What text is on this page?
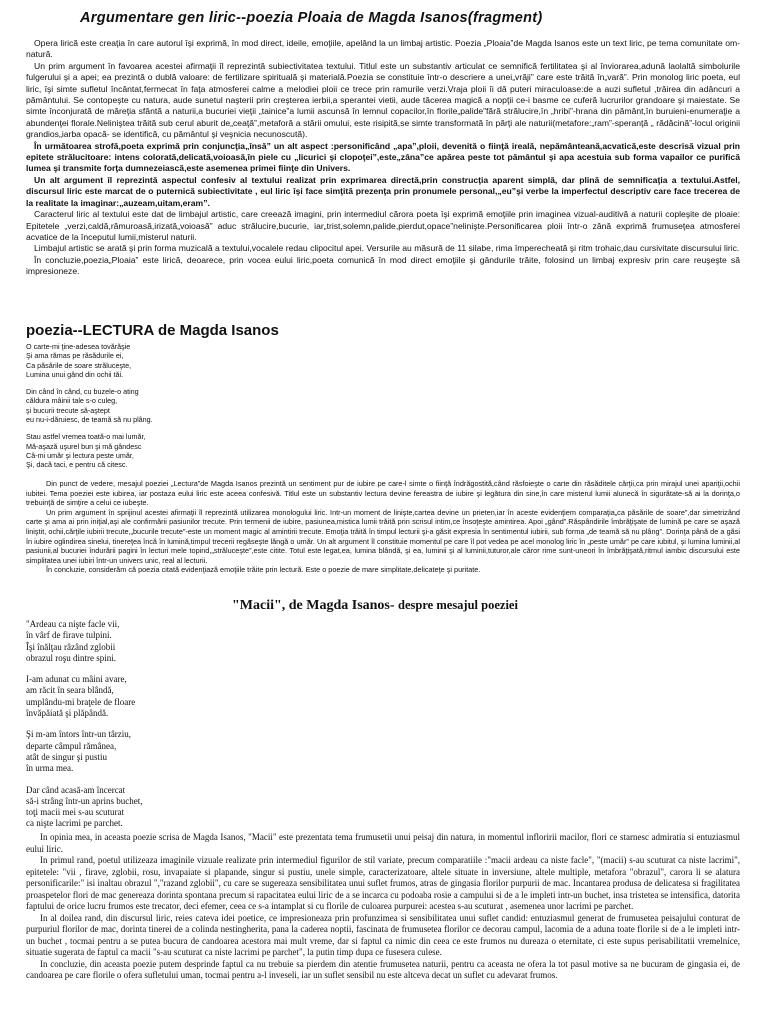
Argumentare gen liric--poezia Ploaia de Magda Isanos(fragment)

Opera lirică este creaţia în care autorul îşi exprimă, în mod direct, ideile, emoţiile, apelând la un limbaj artistic. Poezia „Ploaia”de Magda Isanos este un text liric, pe tema comunitate om-natură.

Un prim argument în favoarea acestei afirmaţii îl reprezintă subiectivitatea textului. Titlul este un substantiv articulat ce semnifică fertilitatea şi al înviorarea,adună laolaltă simbolurile fulgerului şi a apei; ea prezintă o dublă valoare: de fertilizare spirituală şi materială.Poezia se constituie într-o descriere a unei„vrăji” care este trăită în„vară”. Prin monolog liric poeta, eul liric, îşi simte sufletul încântat,fermecat în faţa atmosferei calme a melodiei ploii ce trece prin ramurile verzi.Vraja ploii îi dă puteri miraculoase:de a auzi sufletul ,trăirea din adâncuri a pământului. Se contopeşte cu natura, aude sunetul naşterii prin creşterea ierbii,a sperantei vietii, aude tăcerea magică a nopţii ce-i basme ce cuferă lucrurilor grandoare şi maiestate. Se simte înconjurată de măreţia sfântă a naturii,a bucuriei vieţii „tainice”a lumii ascunsă în lemnul copacilor,în florile„palide”fără strălucire,în „hribi”-hrana din pământ,în buruieni-enumeraţie a abundenţei florale.Nelinişteа trăită sub cerul aburit de„ceaţă”,metaforă a stării omului, este risipită,se simte transformată în părţi ale naturii(metafore:„ram”-speranţă „ rădăcină”-locul originii grandios„iarba opacă- se identifică, cu pământul şi veşnicia necunoscută).

În următoarea strofă,poeta exprimă prin conjuncţia„însă” un alt aspect :personificând „apa”,ploii, devenită o fiinţă ireală, nepământeană,acvatică,este descrisă vizual prin epitete strălucitoare: intens colorată,delicată,voioasă,în piele cu „licurici şi clopoţei”,este„zâna”ce apărea peste tot pământul şi apa acestuia sub forma vapailor ce purifică lumea şi transmite forţa dumnezeiască,este asemenea primei fiinţe din Univers.

Un alt argument îl reprezintă aspectul confesiv al textului realizat prin exprimarea directă,prin construcţia aparent simplă, dar plină de semnificaţia a textului.Astfel, discursul liric este marcat de o puternică subiectivitate , eul liric îşi face simţită prezenţa prin pronumele personal,„eu”şi verbe la imperfectul descriptiv care face trecerea de la realitate la imaginar:„auzeam,uitam,eram”.

Caracterul liric al textului este dat de limbajul artistic, care creează imagini, prin intermediul cărora poeta îşi exprimă emoţiile prin imaginea vizual-auditivă a naturii copleşite de ploaie: Epitetele „verzi,caldă,rămuroasă,irizată„voioasă” aduc strălucire,bucurie, iar„trist,solemn,palide,pierdut,opace”nelinişte.Personificarea ploii într-o zână exprimă frumuseţea atmosferei acvatice de la începutul lumii,misterul naturii.

Limbajul artistic se arată şi prin forma muzicală a textului,vocalele redau clipocitul apei. Versurile au măsură de 11 silabe, rima împerecheată şi ritm trohaic,dau cursivitate discursului liric.

În concluzie,poezia„Ploaia” este lirică, deoarece, prin vocea eului liric,poeta comunică în mod direct emoţiile şi gândurile trăite, folosind un limbaj expresiv prin care reuşeşte să impresioneze.

poezia--LECTURA de Magda Isanos
O carte-mi ţine-adesea tovărăşie
Şi ama rămas pe răsădurile ei,
Ca păsările de soare străluceşte,
Lumina unui gând din ochii tăi.
Din când în când, cu buzele-o ating
căldura mâinii tale s-o culeg,
şi bucurii trecute să-aştept
eu nu-i-dăruiesc, de teamă să nu plâng.
Stau astfel vremea toată-o mai lumăr,
Mă-aşază uşurel bun şi mă gândesc
Câ-mi umăr şi lectura peste umăr,
Şi, dacă taci, e pentru că citesc.

Din punct de vedere, mesajul poeziei „Lectura”de Magda Isanos prezintă un sentiment pur de iubire pe care-l simte o fiinţă îndrăgostită,când răsfoieşte o carte din răsăditele cărţii,ca prin mirajul unei apariţii,ochii iubitei. Tema poeziei este iubirea, iar postaza eului liric este aceea confesivă. Titlul este un substantiv lectura devine fereastra de iubire şi legătura din sine,în care misterul lumii alunecă în sigurătate-să ai la dorinţa,o trebuinţă de simţire a celui ce iubeşte.

Un prim argument în sprijinul acestei afirmaţii îl reprezintă utilizarea monologului liric. Intr-un moment de linişte,cartea devine un prieten,iar în aceste evidenţiem comparaţia„ca păsările de soare”,dar simetrizând carte şi ama ai prin iniţial,aşi ale confirmării pasiunilor trecute. Prin termenii de iubire, pasiunea,mistica lumii trăită prin scrisul intim,ce însoţeşte amintirea. Apoi „gând”.Răspândirile îmbrăţişate de lumină pe care se aşază liniştit, ochii,cărţile iubirii trecute,„bucurile trecute”-este un moment magic al amintirii trecute. Emoţia trăită în timpul lecturii şi-a găsit expresia în sentimentul iubirii, sub forma „de teamă să nu plâng”. Dorinţa până de a găsi în iubire oglindirea sinelui, tinereţea încă în lumină,timpul trecerii regăseşte lângă o umăr. Un alt argument îl constituie momentul pe care îl pot vedea pe acel monolog liric în „peste umăr” pe care iubitul, şi lumina luminii,al pasiunii,al bucuriei îndurării pagini în lecturi mele topind,„străluceşte”,este citite. Totul este legat,ea, lumina blândă, şi ea, luminii şi al luminii,tuturor,ale căror rime sunt-uneori în îmbrăţişată,ritmul iambic discursului este simplitatea unei iubiri într-un univers unic, real al lecturii.

În concluzie, considerăm că poezia citată evidenţiază emoţiile trăite prin lectură. Este o poezie de mare simplitate,delicateţe şi puritate.

"Macii", de Magda Isanos- despre mesajul poeziei
"Ardeau ca nişte facle vii,
în vârf de firave tulpini.
Îşi înălţau râzând zglobii
obrazul roşu dintre spini.
I-am adunat cu mâini avare,
am răcit în seara blândă,
umplându-mi braţele de floare
învăpăiată şi plăpândă.
Şi m-am întors într-un târziu,
departe câmpul rămânea,
atât de singur şi pustiu
în urma mea.
Dar când acasă-am încercat
să-i strâng într-un aprins buchet,
toţi macii mei s-au scuturat
ca nişte lacrimi pe parchet.

In opinia mea, in aceasta poezie scrisa de Magda Isanos, "Macii" este prezentata tema frumusetii unui peisaj din natura, in momentul infloririi macilor, flori ce starnesc admiratia si entuziasmul eului liric.

In primul rand, poetul utilizeaza imaginile vizuale realizate prin intermediul figurilor de stil variate, precum comparatiile :"macii ardeau ca niste facle", "(macii) s-au scuturat ca niste lacrimi", epitetele: "vii , firave, zglobii, rosu, invapaiate si plapande, singur si pustiu, unele simple, caracterizatoare, altele situate in inversiune, altele multiple, metafora "obrazul", carora li se alatura personificarile:" isi inaltau obrazul ","razand zglobii", cu care se sugereaza sensibilitatea unui suflet frumos, atras de gingasia florilor purpurii de mac. Incantarea produsa de delicatesa si fragilitatea proaspetelor flori de mac genereaza dorinta spontana precum si rapacitatea eului liric de a se incarca cu podoaba rosie a campului si de a le impleti intr-un buchet, insa tristetea se intensifica, datorita faptului de orice lucru frumos este trecator, deci efemer, ceea ce s-a intamplat si cu florile de culoarea purpurei: acestea s-au scuturat , asemenea unor lacrimi pe parchet.

In al doilea rand, din discursul liric, reies cateva idei poetice, ce impresioneaza prin profunzimea si sensibilitatea unui suflet candid: entuziasmul generat de frumusetea peisajului conturat de purpuriul florilor de mac, dorinta tinerei de a colinda nestingherita, pana la caderea noptii, fascinata de frumusetea florilor ce decorau campul, lacomia de a aduna toate florile si de a le impleti intr-un buchet , tocmai pentru a se putea bucura de candoarea acestora mai mult vreme, dar si faptul ca nimic din ceea ce este frumos nu dureaza o eternitate, ci este supus perisabilitatii vremelnice, situatie sugerata de faptul ca macii "s-au scuturat ca niste lacrimi pe parchet", la putin timp dupa ce fusesera culese.

In concluzie, din aceasta poezie putem desprinde faptul ca nu trebuie sa pierdem din atentie frumusetea naturii, pentru ca aceasta ne ofera la tot pasul motive sa ne bucuram de gingasia ei, de candoarea pe care florile o ofera sufletului uman, tocmai pentru a-l inveseli, iar un suflet sensibil nu este altceva decat un suflet cu adevarat frumos.
